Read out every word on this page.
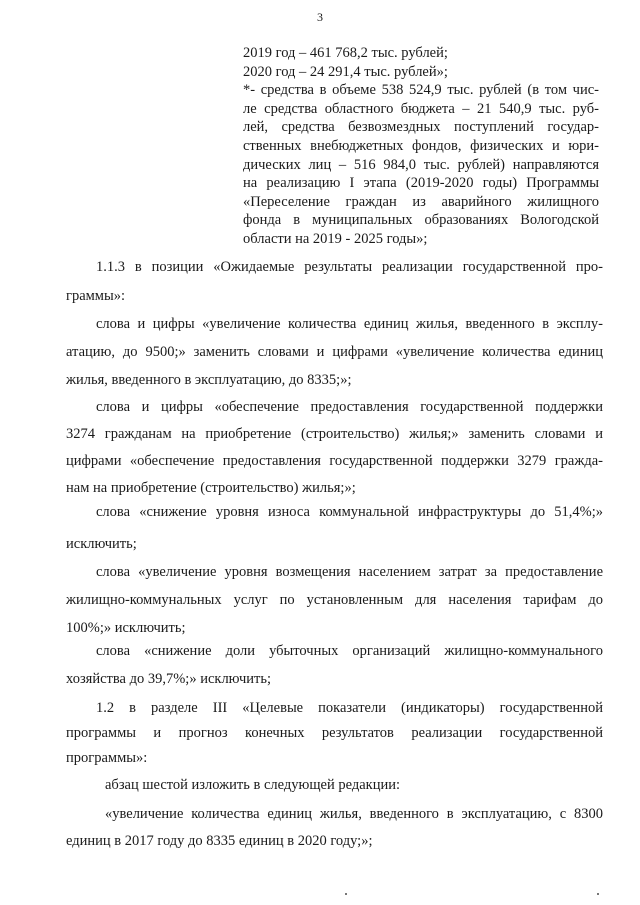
3
2019 год – 461 768,2 тыс. рублей;
2020 год – 24 291,4 тыс. рублей»;
*- средства в объеме 538 524,9 тыс. рублей (в том чис-
ле средства областного бюджета – 21 540,9 тыс. руб-
лей, средства безвозмездных поступлений государ-
ственных внебюджетных фондов, физических и юри-
дических лиц – 516 984,0 тыс. рублей) направляются
на реализацию I этапа (2019-2020 годы) Программы
«Переселение граждан из аварийного жилищного
фонда в муниципальных образованиях Вологодской
области на 2019 - 2025 годы»;
1.1.3 в позиции «Ожидаемые результаты реализации государственной про-
граммы»:
слова и цифры «увеличение количества единиц жилья, введенного в эксплу-
атацию, до 9500;» заменить словами и цифрами «увеличение количества единиц
жилья, введенного в эксплуатацию, до 8335;»;
слова и цифры «обеспечение предоставления государственной поддержки
3274 гражданам на приобретение (строительство) жилья;» заменить словами и
цифрами «обеспечение предоставления государственной поддержки 3279 гражда-
нам на приобретение (строительство) жилья;»;
слова «снижение уровня износа коммунальной инфраструктуры до 51,4%;»
исключить;
слова «увеличение уровня возмещения населением затрат за предоставление
жилищно-коммунальных услуг по установленным для населения тарифам до
100%;» исключить;
слова «снижение доли убыточных организаций жилищно-коммунального
хозяйства до 39,7%;» исключить;
1.2 в разделе III «Целевые показатели (индикаторы) государственной
программы и прогноз конечных результатов реализации государственной
программы»:
абзац шестой изложить в следующей редакции:
«увеличение количества единиц жилья, введенного в эксплуатацию, с 8300
единиц в 2017 году до 8335 единиц в 2020 году;»;
